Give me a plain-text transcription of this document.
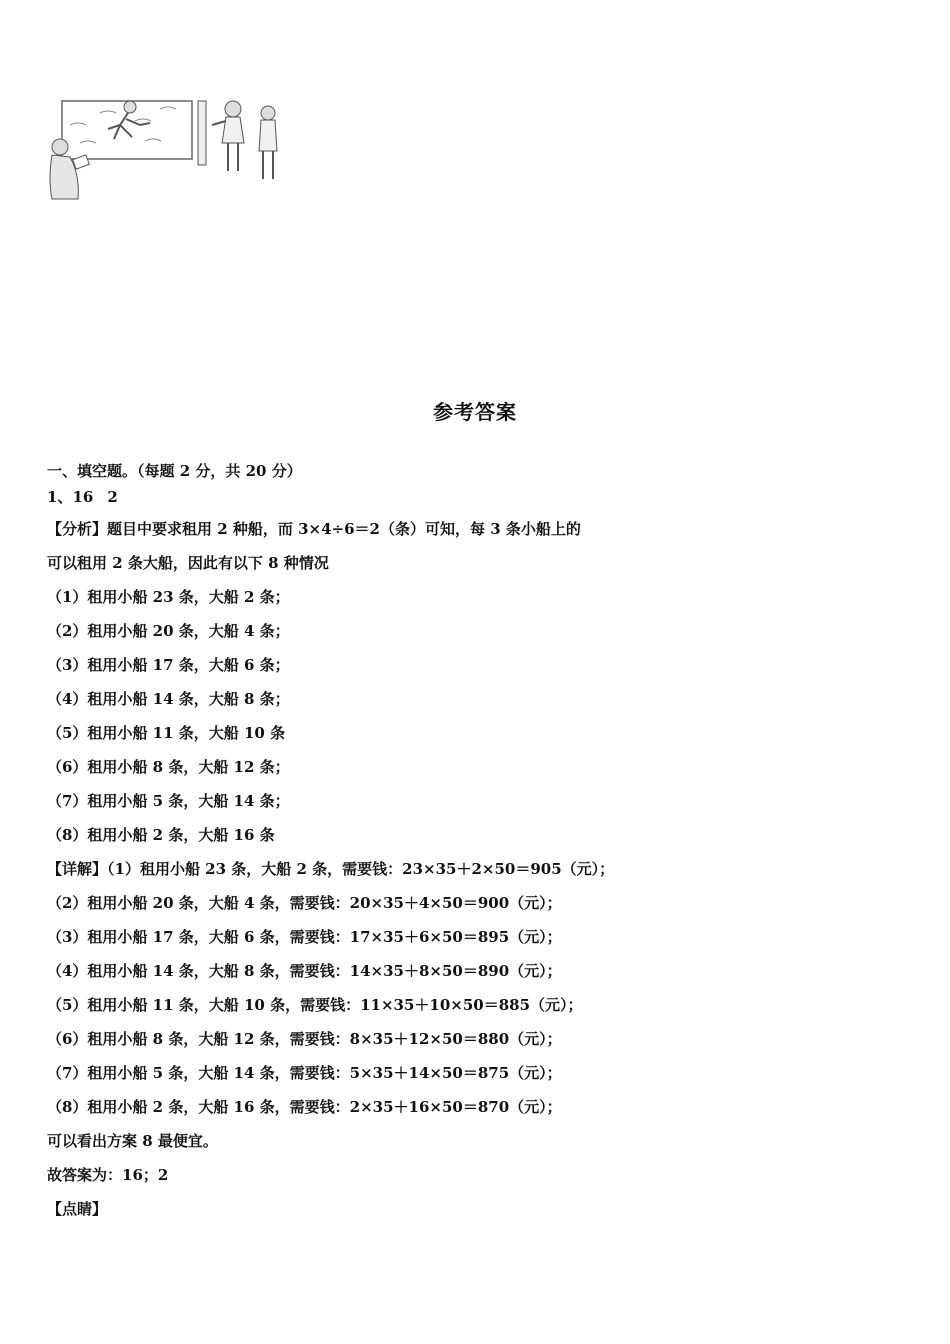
参考答案
一、填空题。（每题 2 分，共 20 分）
1、16 2
【分析】题目中要求租用 2 种船，而 3×4÷6＝2（条）可知，每 3 条小船上的
可以租用 2 条大船，因此有以下 8 种情况
（1）租用小船 23 条，大船 2 条；
（2）租用小船 20 条，大船 4 条；
（3）租用小船 17 条，大船 6 条；
（4）租用小船 14 条，大船 8 条；
（5）租用小船 11 条，大船 10 条
（6）租用小船 8 条，大船 12 条；
（7）租用小船 5 条，大船 14 条；
（8）租用小船 2 条，大船 16 条
【详解】（1）租用小船 23 条，大船 2 条，需要钱：23×35＋2×50＝905（元）；
（2）租用小船 20 条，大船 4 条，需要钱：20×35＋4×50＝900（元）；
（3）租用小船 17 条，大船 6 条，需要钱：17×35＋6×50＝895（元）；
（4）租用小船 14 条，大船 8 条，需要钱：14×35＋8×50＝890（元）；
（5）租用小船 11 条，大船 10 条，需要钱：11×35＋10×50＝885（元）；
（6）租用小船 8 条，大船 12 条，需要钱：8×35＋12×50＝880（元）；
（7）租用小船 5 条，大船 14 条，需要钱：5×35＋14×50＝875（元）；
（8）租用小船 2 条，大船 16 条，需要钱：2×35＋16×50＝870（元）；
可以看出方案 8 最便宜。
故答案为：16；2
【点睛】
